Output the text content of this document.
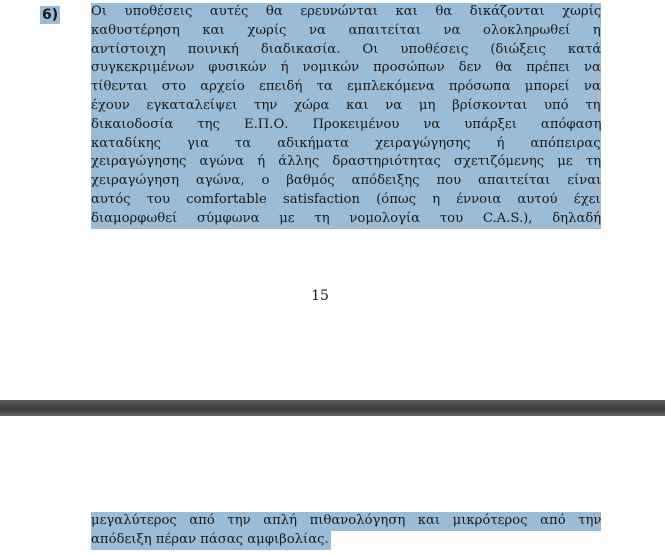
6) Οι υποθέσεις αυτές θα ερευνώνται και θα δικάζονται χωρίς
καθυστέρηση και χωρίς να απαιτείται να ολοκληρωθεί η
αντίστοιχη ποινική διαδικασία. Οι υποθέσεις (διώξεις κατά
συγκεκριμένων φυσικών ή νομικών προσώπων δεν θα πρέπει να
τίθενται στο αρχείο επειδή τα εμπλεκόμενα πρόσωπα μπορεί να
έχουν εγκαταλείψει την χώρα και να μη βρίσκονται υπό τη
δικαιοδοσία της Ε.Π.Ο. Προκειμένου να υπάρξει απόφαση
καταδίκης για τα αδικήματα χειραγώγησης ή απόπειρας
χειραγώγησης αγώνα ή άλλης δραστηριότητας σχετιζόμενης με τη
χειραγώγηση αγώνα, ο βαθμός απόδειξης που απαιτείται είναι
αυτός του comfortable satisfaction (όπως η έννοια αυτού έχει
διαμορφωθεί σύμφωνα με τη νομολογία του C.A.S.), δηλαδή
15
μεγαλύτερος από την απλή πιθανολόγηση και μικρότερος από την
απόδειξη πέραν πάσας αμφιβολίας.
